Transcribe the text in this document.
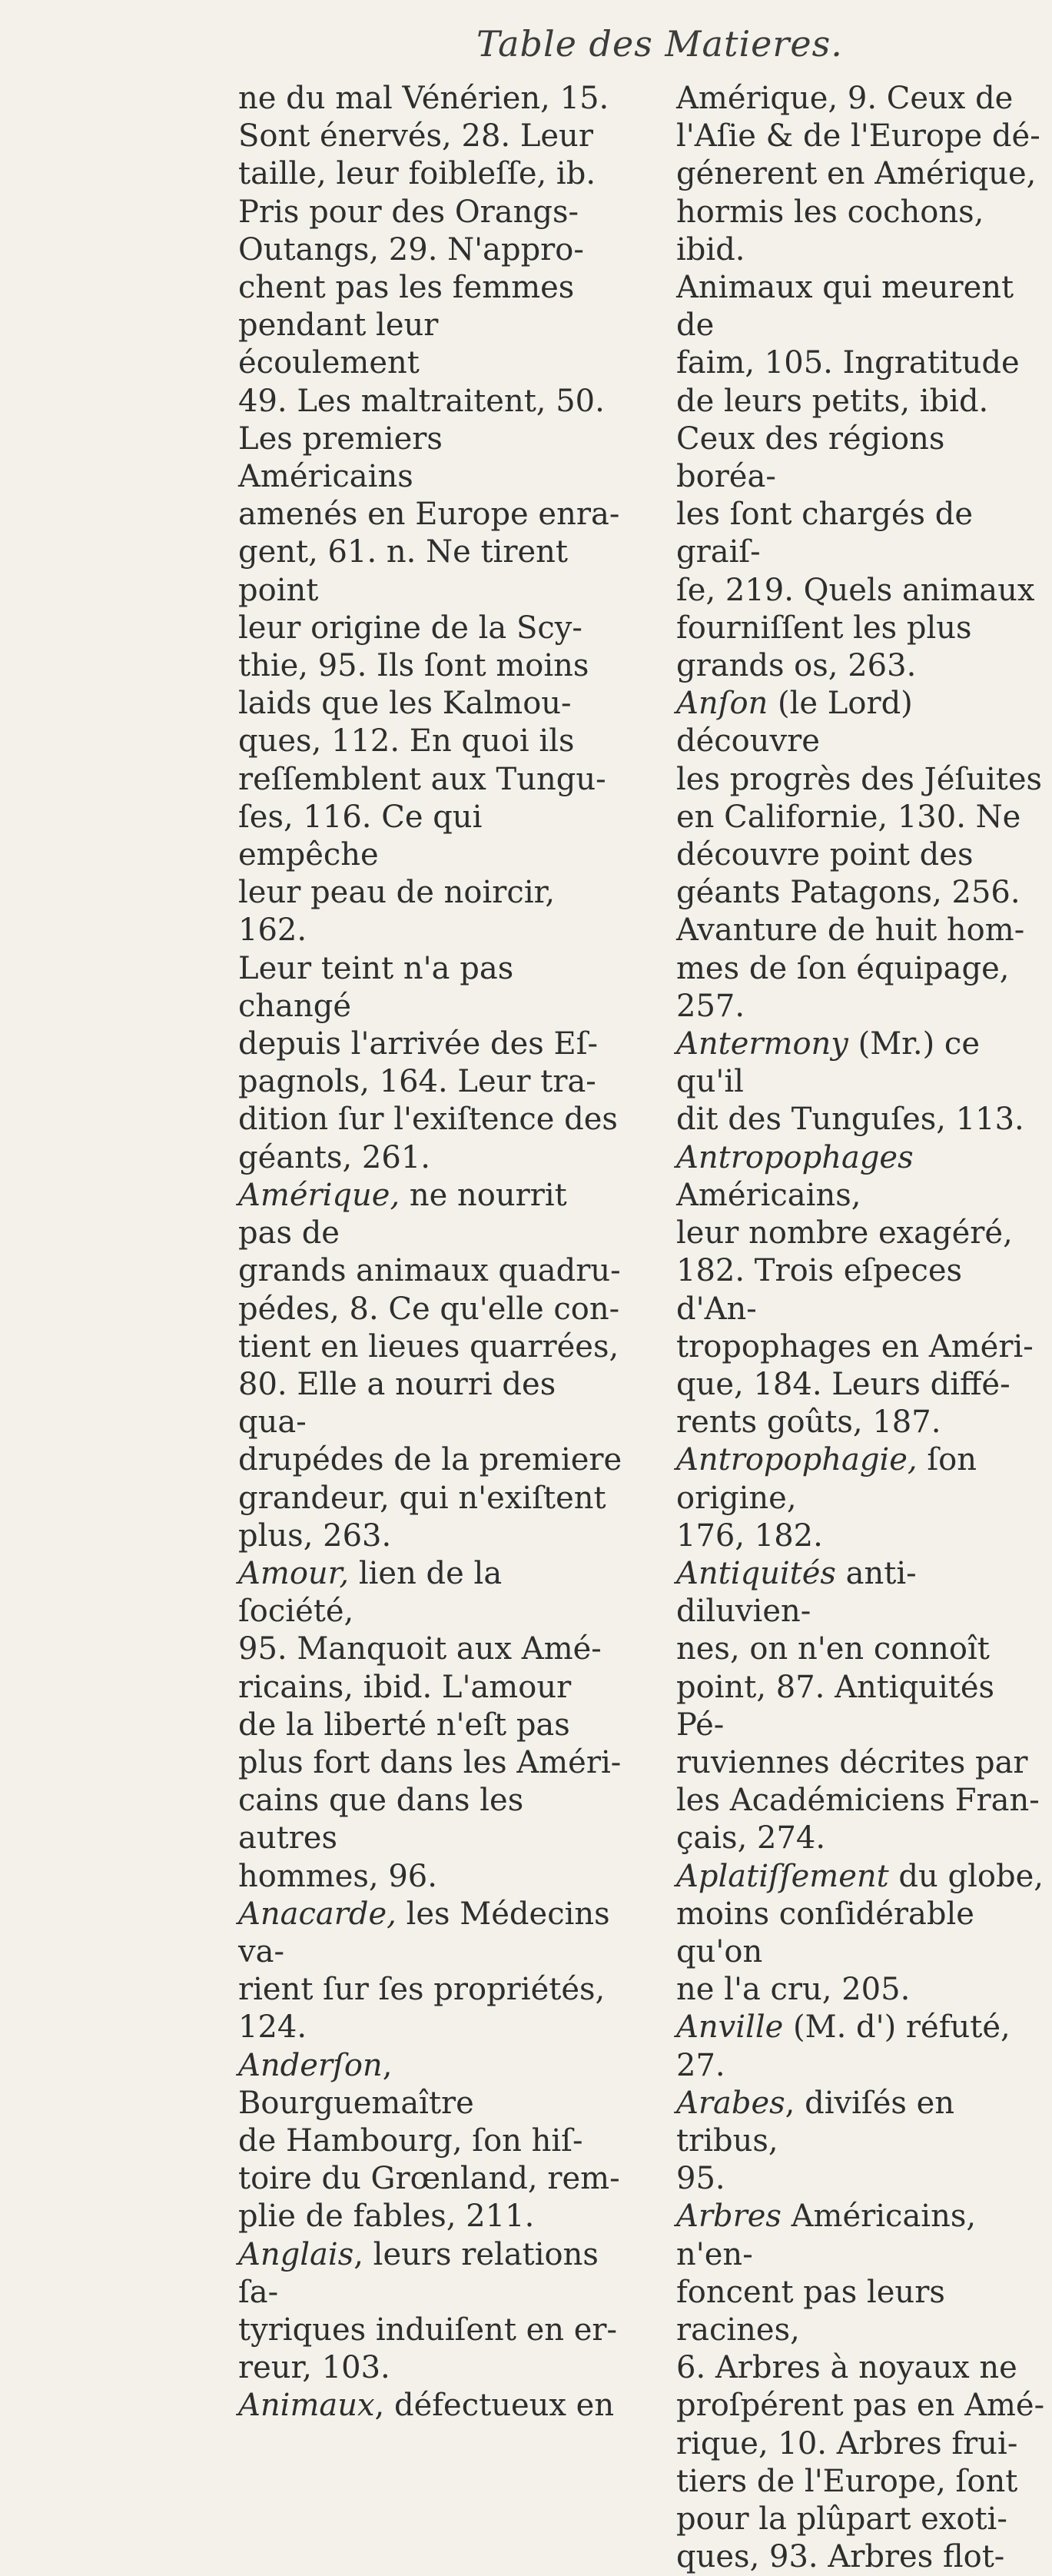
Table des Matieres.

ne du mal Vénérien, 15.
Sont énervés, 28. Leur
taille, leur foibleſſe, ib.
Pris pour des Orangs-
Outangs, 29. N'appro-
chent pas les femmes
pendant leur écoulement
49. Les maltraitent, 50.
Les premiers Américains
amenés en Europe enra-
gent, 61. n. Ne tirent point
leur origine de la Scy-
thie, 95. Ils ſont moins
laids que les Kalmou-
ques, 112. En quoi ils
reſſemblent aux Tungu-
ſes, 116. Ce qui empêche
leur peau de noircir, 162.
Leur teint n'a pas changé
depuis l'arrivée des Eſ-
pagnols, 164. Leur tra-
dition ſur l'exiſtence des
géants, 261.

Amérique, ne nourrit pas de
grands animaux quadru-
pédes, 8. Ce qu'elle con-
tient en lieues quarrées,
80. Elle a nourri des qua-
drupédes de la premiere
grandeur, qui n'exiſtent
plus, 263.

Amour, lien de la ſociété,
95. Manquoit aux Amé-
ricains, ibid. L'amour
de la liberté n'eſt pas
plus fort dans les Améri-
cains que dans les autres
hommes, 96.

Anacarde, les Médecins va-
rient ſur ſes propriétés,
124.

Anderſon, Bourguemaître
de Hambourg, ſon hiſ-
toire du Grœnland, rem-
plie de fables, 211.

Anglais, leurs relations ſa-
tyriques induiſent en er-
reur, 103.

Animaux, défectueux en

Amérique, 9. Ceux de
l'Aſie & de l'Europe dé-
génerent en Amérique,
hormis les cochons, ibid.
Animaux qui meurent de
faim, 105. Ingratitude
de leurs petits, ibid.
Ceux des régions boréa-
les ſont chargés de graiſ-
ſe, 219. Quels animaux
fourniſſent les plus
grands os, 263.

Anſon (le Lord) découvre
les progrès des Jéſuites
en Californie, 130. Ne
découvre point des
géants Patagons, 256.
Avanture de huit hom-
mes de ſon équipage, 257.

Antermony (Mr.) ce qu'il
dit des Tunguſes, 113.

Antropophages Américains,
leur nombre exagéré,
182. Trois eſpeces d'An-
tropophages en Améri-
que, 184. Leurs diffé-
rents goûts, 187.

Antropophagie, ſon origine,
176, 182.

Antiquités anti-diluvien-
nes, on n'en connoît
point, 87. Antiquités Pé-
ruviennes décrites par
les Académiciens Fran-
çais, 274.

Aplatiſſement du globe,
moins conſidérable qu'on
ne l'a cru, 205.

Anville (M. d') réfuté, 27.

Arabes, diviſés en tribus,
95.

Arbres Américains, n'en-
foncent pas leurs racines,
6. Arbres à noyaux ne
proſpérent pas en Amé-
rique, 10. Arbres frui-
tiers de l'Europe, ſont
pour la plûpart exoti-
ques, 93. Arbres flot-
